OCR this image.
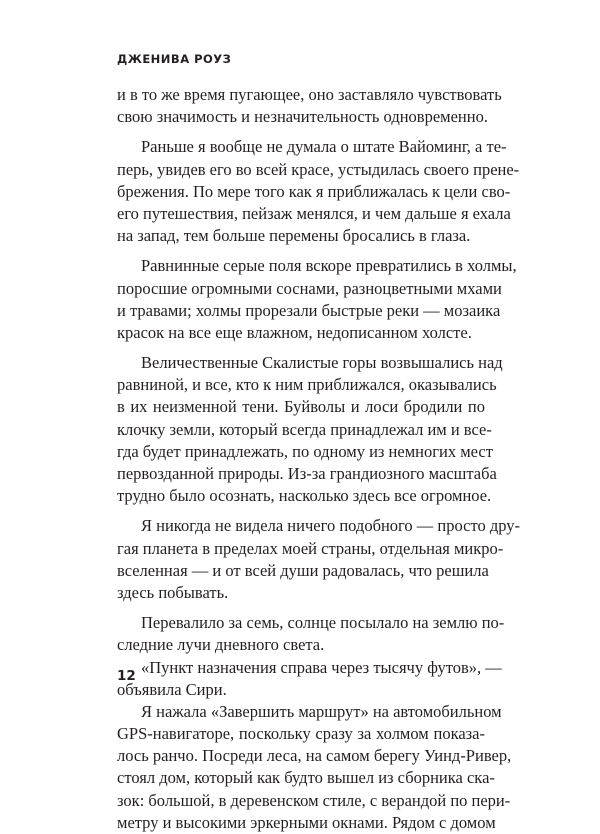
ДЖЕНИВА РОУЗ
и в то же время пугающее, оно заставляло чувствовать
свою значимость и незначительность одновременно.
Раньше я вообще не думала о штате Вайоминг, а те-
перь, увидев его во всей красе, устыдилась своего прене-
брежения. По мере того как я приближалась к цели сво-
его путешествия, пейзаж менялся, и чем дальше я ехала
на запад, тем больше перемены бросались в глаза.
Равнинные серые поля вскоре превратились в холмы,
поросшие огромными соснами, разноцветными мхами
и травами; холмы прорезали быстрые реки — мозаика
красок на все еще влажном, недописанном холсте.
Величественные Скалистые горы возвышались над
равниной, и все, кто к ним приближался, оказывались
в их неизменной тени. Буйволы и лоси бродили по
клочку земли, который всегда принадлежал им и все-
гда будет принадлежать, по одному из немногих мест
первозданной природы. Из-за грандиозного масштаба
трудно было осознать, насколько здесь все огромное.
Я никогда не видела ничего подобного — просто дру-
гая планета в пределах моей страны, отдельная микро-
вселенная — и от всей души радовалась, что решила
здесь побывать.
Перевалило за семь, солнце посылало на землю по-
следние лучи дневного света.
«Пункт назначения справа через тысячу футов», —
объявила Сири.
Я нажала «Завершить маршрут» на автомобильном
GPS-навигаторе, поскольку сразу за холмом показа-
лось ранчо. Посреди леса, на самом берегу Уинд-Ривер,
стоял дом, который как будто вышел из сборника ска-
зок: большой, в деревенском стиле, с верандой по пери-
метру и высокими эркерными окнами. Рядом с домом
12
